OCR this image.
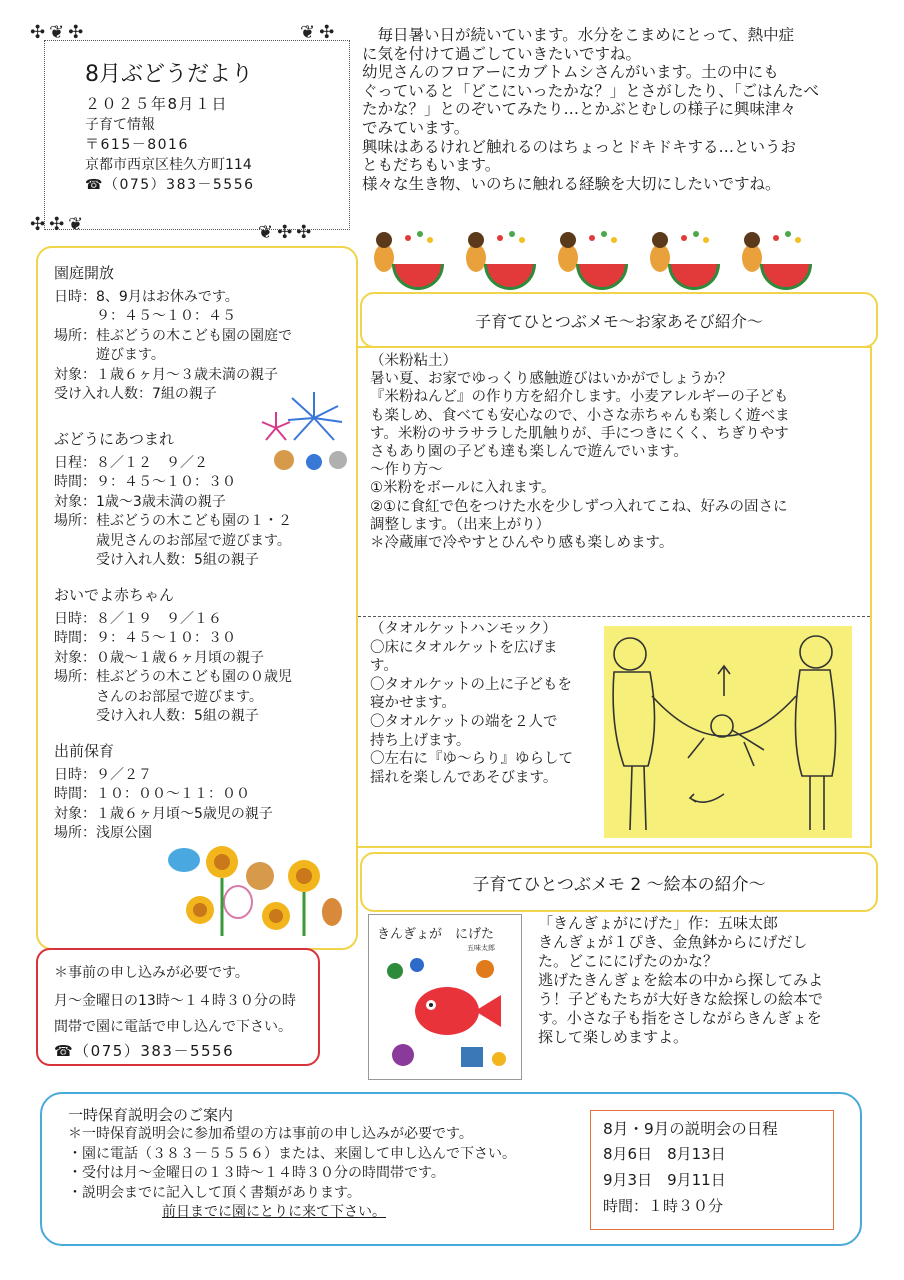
✣❦✣	❦✣
✣✣❦	❦✣✣
8月ぶどうだより
２０２５年8月１日
子育て情報
〒615－8016
京都市西京区桂久方町114
☎（075）383－5556
　毎日暑い日が続いています。水分をこまめにとって、熱中症
に気を付けて過ごしていきたいですね。
幼児さんのフロアーにカブトムシさんがいます。土の中にも
ぐっていると「どこにいったかな？」とさがしたり、「ごはんたべ
たかな？」とのぞいてみたり…とかぶとむしの様子に興味津々
でみています。
興味はあるけれど触れるのはちょっとドキドキする…というお
ともだちもいます。
様々な生き物、いのちに触れる経験を大切にしたいですね。
園庭開放
日時：8、9月はお休みです。
　　　９：４５～１０：４５
場所：桂ぶどうの木こども園の園庭で
　　　遊びます。
対象：１歳６ヶ月～３歳未満の親子
受け入れ人数：7組の親子
ぶどうにあつまれ
日程：８／１２　９／２
時間：９：４５～１０：３０
対象：1歳～3歳未満の親子
場所：桂ぶどうの木こども園の１・２
　　　歳児さんのお部屋で遊びます。
　　　受け入れ人数：5組の親子
おいでよ赤ちゃん
日時：８／１９　９／１６
時間：９：４５～１０：３０
対象：０歳～１歳６ヶ月頃の親子
場所：桂ぶどうの木こども園の０歳児
　　　さんのお部屋で遊びます。
　　　受け入れ人数：5組の親子
出前保育
日時：９／２７
時間：１０：００～１１：００
対象：１歳６ヶ月頃～5歳児の親子
場所：浅原公園
＊事前の申し込みが必要です。
月～金曜日の13時～１４時３０分の時
間帯で園に電話で申し込んで下さい。
☎（075）383－5556
子育てひとつぶメモ～お家あそび紹介～
（米粉粘土）
暑い夏、お家でゆっくり感触遊びはいかがでしょうか？
『米粉ねんど』の作り方を紹介します。小麦アレルギーの子ども
も楽しめ、食べても安心なので、小さな赤ちゃんも楽しく遊べま
す。米粉のサラサラした肌触りが、手につきにくく、ちぎりやす
さもあり園の子ども達も楽しんで遊んでいます。
～作り方～
①米粉をボールに入れます。
②①に食紅で色をつけた水を少しずつ入れてこね、好みの固さに
調整します。（出来上がり）
＊冷蔵庫で冷やすとひんやり感も楽しめます。
（タオルケットハンモック）
〇床にタオルケットを広げま
す。
〇タオルケットの上に子どもを
寝かせます。
〇タオルケットの端を２人で
持ち上げます。
〇左右に『ゆ～らり』ゆらして
揺れを楽しんであそびます。
子育てひとつぶメモ 2 ～絵本の紹介～
きんぎょが　にげた
五味太郎
「きんぎょがにげた」作：五味太郎
きんぎょが１ぴき、金魚鉢からにげだし
た。どこににげたのかな？
逃げたきんぎょを絵本の中から探してみよ
う！子どもたちが大好きな絵探しの絵本で
す。小さな子も指をさしながらきんぎょを
探して楽しめますよ。
一時保育説明会のご案内
＊一時保育説明会に参加希望の方は事前の申し込みが必要です。
・園に電話（３８３－５５５６）または、来園して申し込んで下さい。
・受付は月～金曜日の１３時～１４時３０分の時間帯です。
・説明会までに記入して頂く書類があります。
前日までに園にとりに来て下さい。
8月・9月の説明会の日程
8月6日　8月13日
9月3日　9月11日
時間：１時３０分
